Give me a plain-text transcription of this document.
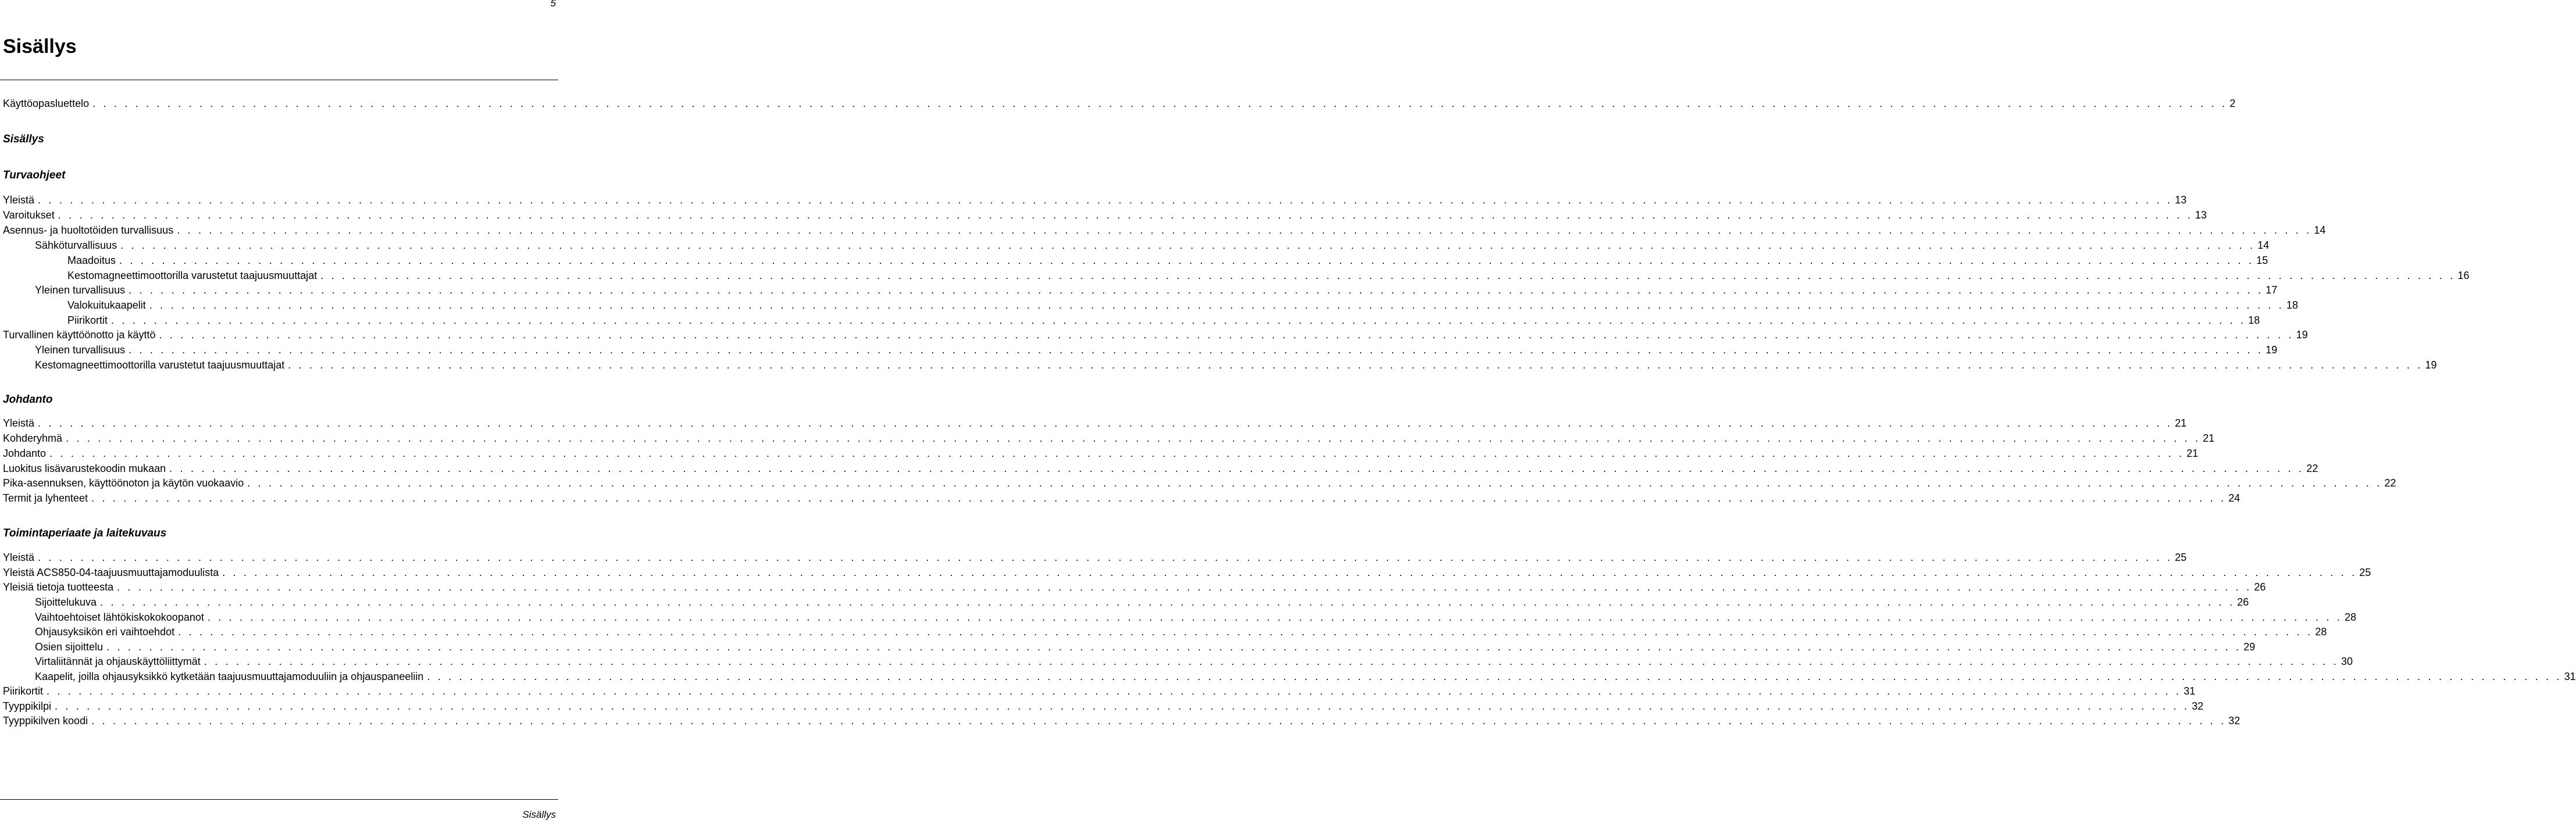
5
Sisällys
Käyttöopasluettelo . . . . . . . . . . . . . . . . . . . . . . . . . . . . . . . . . . . . . . . . . . . . . . . . . . . . . . . . . . . . . . . . . . . . . . . . . . . . . . . . . . . . . . . . . . . . . . . . . . . . . . . . . . . . . . . . . . . . . . . . . . . . . . . . . . . . . . . . . . . . . . . . . . . . . . . . . . . . . . . . . . . . . . . . . . . . . . . . . . . . . . . . . . . . . . . . . . . . . . . . 2
Sisällys
Turvaohjeet
Yleistä . . . . . . . . . . . . . . . . . . . . . . . . . . . . . . . . . . . . . . . . . . . . . . . . . . . . . . . . . . . . . . . . . . . . . . . . . . . . . . . . . . . . . . . . . . . . . . . . . . . . . . . . . . . . . . . . . . . . . . . . . . . . . . . . . . . . . . . . . . . . . . . . . . . . . . . . . . . . . . . . . . . . . . . . . . . . . . . . . . . . . . . . . . . . . . . . . . . . . . . . 13
Varoitukset . . . . . . . . . . . . . . . . . . . . . . . . . . . . . . . . . . . . . . . . . . . . . . . . . . . . . . . . . . . . . . . . . . . . . . . . . . . . . . . . . . . . . . . . . . . . . . . . . . . . . . . . . . . . . . . . . . . . . . . . . . . . . . . . . . . . . . . . . . . . . . . . . . . . . . . . . . . . . . . . . . . . . . . . . . . . . . . . . . . . . . . . . . . . . . . . . . . . . . . . 13
Asennus- ja huoltotöiden turvallisuus . . . . . . . . . . . . . . . . . . . . . . . . . . . . . . . . . . . . . . . . . . . . . . . . . . . . . . . . . . . . . . . . . . . . . . . . . . . . . . . . . . . . . . . . . . . . . . . . . . . . . . . . . . . . . . . . . . . . . . . . . . . . . . . . . . . . . . . . . . . . . . . . . . . . . . . . . . . . . . . . . . . . . . . . . . . . . . . . . . . . . . . . . . . . . . . . . . . . . . . . 14
Sähköturvallisuus . . . . . . . . . . . . . . . . . . . . . . . . . . . . . . . . . . . . . . . . . . . . . . . . . . . . . . . . . . . . . . . . . . . . . . . . . . . . . . . . . . . . . . . . . . . . . . . . . . . . . . . . . . . . . . . . . . . . . . . . . . . . . . . . . . . . . . . . . . . . . . . . . . . . . . . . . . . . . . . . . . . . . . . . . . . . . . . . . . . . . . . . . . . . . . . . . . . . . . . . 14
Maadoitus . . . . . . . . . . . . . . . . . . . . . . . . . . . . . . . . . . . . . . . . . . . . . . . . . . . . . . . . . . . . . . . . . . . . . . . . . . . . . . . . . . . . . . . . . . . . . . . . . . . . . . . . . . . . . . . . . . . . . . . . . . . . . . . . . . . . . . . . . . . . . . . . . . . . . . . . . . . . . . . . . . . . . . . . . . . . . . . . . . . . . . . . . . . . . . . . . . . . . . . . 15
Kestomagneettimoottorilla varustetut taajuusmuuttajat . . . . . . . . . . . . . . . . . . . . . . . . . . . . . . . . . . . . . . . . . . . . . . . . . . . . . . . . . . . . . . . . . . . . . . . . . . . . . . . . . . . . . . . . . . . . . . . . . . . . . . . . . . . . . . . . . . . . . . . . . . . . . . . . . . . . . . . . . . . . . . . . . . . . . . . . . . . . . . . . . . . . . . . . . . . . . . . . . . . . . . . . . . . . . . . . . . . . . . . . 16
Yleinen turvallisuus . . . . . . . . . . . . . . . . . . . . . . . . . . . . . . . . . . . . . . . . . . . . . . . . . . . . . . . . . . . . . . . . . . . . . . . . . . . . . . . . . . . . . . . . . . . . . . . . . . . . . . . . . . . . . . . . . . . . . . . . . . . . . . . . . . . . . . . . . . . . . . . . . . . . . . . . . . . . . . . . . . . . . . . . . . . . . . . . . . . . . . . . . . . . . . . . . . . . . . . . 17
Valokuitukaapelit . . . . . . . . . . . . . . . . . . . . . . . . . . . . . . . . . . . . . . . . . . . . . . . . . . . . . . . . . . . . . . . . . . . . . . . . . . . . . . . . . . . . . . . . . . . . . . . . . . . . . . . . . . . . . . . . . . . . . . . . . . . . . . . . . . . . . . . . . . . . . . . . . . . . . . . . . . . . . . . . . . . . . . . . . . . . . . . . . . . . . . . . . . . . . . . . . . . . . . . . 18
Piirikortit . . . . . . . . . . . . . . . . . . . . . . . . . . . . . . . . . . . . . . . . . . . . . . . . . . . . . . . . . . . . . . . . . . . . . . . . . . . . . . . . . . . . . . . . . . . . . . . . . . . . . . . . . . . . . . . . . . . . . . . . . . . . . . . . . . . . . . . . . . . . . . . . . . . . . . . . . . . . . . . . . . . . . . . . . . . . . . . . . . . . . . . . . . . . . . . . . . . . . . . . 18
Turvallinen käyttöönotto ja käyttö . . . . . . . . . . . . . . . . . . . . . . . . . . . . . . . . . . . . . . . . . . . . . . . . . . . . . . . . . . . . . . . . . . . . . . . . . . . . . . . . . . . . . . . . . . . . . . . . . . . . . . . . . . . . . . . . . . . . . . . . . . . . . . . . . . . . . . . . . . . . . . . . . . . . . . . . . . . . . . . . . . . . . . . . . . . . . . . . . . . . . . . . . . . . . . . . . . . . . . . . 19
Yleinen turvallisuus . . . . . . . . . . . . . . . . . . . . . . . . . . . . . . . . . . . . . . . . . . . . . . . . . . . . . . . . . . . . . . . . . . . . . . . . . . . . . . . . . . . . . . . . . . . . . . . . . . . . . . . . . . . . . . . . . . . . . . . . . . . . . . . . . . . . . . . . . . . . . . . . . . . . . . . . . . . . . . . . . . . . . . . . . . . . . . . . . . . . . . . . . . . . . . . . . . . . . . . . 19
Kestomagneettimoottorilla varustetut taajuusmuuttajat . . . . . . . . . . . . . . . . . . . . . . . . . . . . . . . . . . . . . . . . . . . . . . . . . . . . . . . . . . . . . . . . . . . . . . . . . . . . . . . . . . . . . . . . . . . . . . . . . . . . . . . . . . . . . . . . . . . . . . . . . . . . . . . . . . . . . . . . . . . . . . . . . . . . . . . . . . . . . . . . . . . . . . . . . . . . . . . . . . . . . . . . . . . . . . . . . . . . . . . . 19
Johdanto
Yleistä . . . . . . . . . . . . . . . . . . . . . . . . . . . . . . . . . . . . . . . . . . . . . . . . . . . . . . . . . . . . . . . . . . . . . . . . . . . . . . . . . . . . . . . . . . . . . . . . . . . . . . . . . . . . . . . . . . . . . . . . . . . . . . . . . . . . . . . . . . . . . . . . . . . . . . . . . . . . . . . . . . . . . . . . . . . . . . . . . . . . . . . . . . . . . . . . . . . . . . . . 21
Kohderyhmä . . . . . . . . . . . . . . . . . . . . . . . . . . . . . . . . . . . . . . . . . . . . . . . . . . . . . . . . . . . . . . . . . . . . . . . . . . . . . . . . . . . . . . . . . . . . . . . . . . . . . . . . . . . . . . . . . . . . . . . . . . . . . . . . . . . . . . . . . . . . . . . . . . . . . . . . . . . . . . . . . . . . . . . . . . . . . . . . . . . . . . . . . . . . . . . . . . . . . . . . 21
Johdanto . . . . . . . . . . . . . . . . . . . . . . . . . . . . . . . . . . . . . . . . . . . . . . . . . . . . . . . . . . . . . . . . . . . . . . . . . . . . . . . . . . . . . . . . . . . . . . . . . . . . . . . . . . . . . . . . . . . . . . . . . . . . . . . . . . . . . . . . . . . . . . . . . . . . . . . . . . . . . . . . . . . . . . . . . . . . . . . . . . . . . . . . . . . . . . . . . . . . . . . . 21
Luokitus lisävarustekoodin mukaan . . . . . . . . . . . . . . . . . . . . . . . . . . . . . . . . . . . . . . . . . . . . . . . . . . . . . . . . . . . . . . . . . . . . . . . . . . . . . . . . . . . . . . . . . . . . . . . . . . . . . . . . . . . . . . . . . . . . . . . . . . . . . . . . . . . . . . . . . . . . . . . . . . . . . . . . . . . . . . . . . . . . . . . . . . . . . . . . . . . . . . . . . . . . . . . . . . . . . . . . 22
Pika-asennuksen, käyttöönoton ja käytön vuokaavio . . . . . . . . . . . . . . . . . . . . . . . . . . . . . . . . . . . . . . . . . . . . . . . . . . . . . . . . . . . . . . . . . . . . . . . . . . . . . . . . . . . . . . . . . . . . . . . . . . . . . . . . . . . . . . . . . . . . . . . . . . . . . . . . . . . . . . . . . . . . . . . . . . . . . . . . . . . . . . . . . . . . . . . . . . . . . . . . . . . . . . . . . . . . . . . . . . . . . . . . 22
Termit ja lyhenteet . . . . . . . . . . . . . . . . . . . . . . . . . . . . . . . . . . . . . . . . . . . . . . . . . . . . . . . . . . . . . . . . . . . . . . . . . . . . . . . . . . . . . . . . . . . . . . . . . . . . . . . . . . . . . . . . . . . . . . . . . . . . . . . . . . . . . . . . . . . . . . . . . . . . . . . . . . . . . . . . . . . . . . . . . . . . . . . . . . . . . . . . . . . . . . . . . . . . . . . . 24
Toimintaperiaate ja laitekuvaus
Yleistä . . . . . . . . . . . . . . . . . . . . . . . . . . . . . . . . . . . . . . . . . . . . . . . . . . . . . . . . . . . . . . . . . . . . . . . . . . . . . . . . . . . . . . . . . . . . . . . . . . . . . . . . . . . . . . . . . . . . . . . . . . . . . . . . . . . . . . . . . . . . . . . . . . . . . . . . . . . . . . . . . . . . . . . . . . . . . . . . . . . . . . . . . . . . . . . . . . . . . . . . 25
Yleistä ACS850-04-taajuusmuuttajamoduulista . . . . . . . . . . . . . . . . . . . . . . . . . . . . . . . . . . . . . . . . . . . . . . . . . . . . . . . . . . . . . . . . . . . . . . . . . . . . . . . . . . . . . . . . . . . . . . . . . . . . . . . . . . . . . . . . . . . . . . . . . . . . . . . . . . . . . . . . . . . . . . . . . . . . . . . . . . . . . . . . . . . . . . . . . . . . . . . . . . . . . . . . . . . . . . . . . . . . . . . . 25
Yleisiä tietoja tuotteesta . . . . . . . . . . . . . . . . . . . . . . . . . . . . . . . . . . . . . . . . . . . . . . . . . . . . . . . . . . . . . . . . . . . . . . . . . . . . . . . . . . . . . . . . . . . . . . . . . . . . . . . . . . . . . . . . . . . . . . . . . . . . . . . . . . . . . . . . . . . . . . . . . . . . . . . . . . . . . . . . . . . . . . . . . . . . . . . . . . . . . . . . . . . . . . . . . . . . . . . . 26
Sijoittelukuva . . . . . . . . . . . . . . . . . . . . . . . . . . . . . . . . . . . . . . . . . . . . . . . . . . . . . . . . . . . . . . . . . . . . . . . . . . . . . . . . . . . . . . . . . . . . . . . . . . . . . . . . . . . . . . . . . . . . . . . . . . . . . . . . . . . . . . . . . . . . . . . . . . . . . . . . . . . . . . . . . . . . . . . . . . . . . . . . . . . . . . . . . . . . . . . . . . . . . . . . 26
Vaihtoehtoiset lähtökiskokokoopanot . . . . . . . . . . . . . . . . . . . . . . . . . . . . . . . . . . . . . . . . . . . . . . . . . . . . . . . . . . . . . . . . . . . . . . . . . . . . . . . . . . . . . . . . . . . . . . . . . . . . . . . . . . . . . . . . . . . . . . . . . . . . . . . . . . . . . . . . . . . . . . . . . . . . . . . . . . . . . . . . . . . . . . . . . . . . . . . . . . . . . . . . . . . . . . . . . . . . . . . . 28
Ohjausyksikön eri vaihtoehdot . . . . . . . . . . . . . . . . . . . . . . . . . . . . . . . . . . . . . . . . . . . . . . . . . . . . . . . . . . . . . . . . . . . . . . . . . . . . . . . . . . . . . . . . . . . . . . . . . . . . . . . . . . . . . . . . . . . . . . . . . . . . . . . . . . . . . . . . . . . . . . . . . . . . . . . . . . . . . . . . . . . . . . . . . . . . . . . . . . . . . . . . . . . . . . . . . . . . . . . . 28
Osien sijoittelu . . . . . . . . . . . . . . . . . . . . . . . . . . . . . . . . . . . . . . . . . . . . . . . . . . . . . . . . . . . . . . . . . . . . . . . . . . . . . . . . . . . . . . . . . . . . . . . . . . . . . . . . . . . . . . . . . . . . . . . . . . . . . . . . . . . . . . . . . . . . . . . . . . . . . . . . . . . . . . . . . . . . . . . . . . . . . . . . . . . . . . . . . . . . . . . . . . . . . . . . 29
Virtaliitännät ja ohjauskäyttöliittymät . . . . . . . . . . . . . . . . . . . . . . . . . . . . . . . . . . . . . . . . . . . . . . . . . . . . . . . . . . . . . . . . . . . . . . . . . . . . . . . . . . . . . . . . . . . . . . . . . . . . . . . . . . . . . . . . . . . . . . . . . . . . . . . . . . . . . . . . . . . . . . . . . . . . . . . . . . . . . . . . . . . . . . . . . . . . . . . . . . . . . . . . . . . . . . . . . . . . . . . . 30
Kaapelit, joilla ohjausyksikkö kytketään taajuusmuuttajamoduuliin ja ohjauspaneeliin . . . . . . . . . . . . . . . . . . . . . . . . . . . . . . . . . . . . . . . . . . . . . . . . . . . . . . . . . . . . . . . . . . . . . . . . . . . . . . . . . . . . . . . . . . . . . . . . . . . . . . . . . . . . . . . . . . . . . . . . . . . . . . . . . . . . . . . . . . . . . . . . . . . . . . . . . . . . . . . . . . . . . . . . . . . . . . . . . . . . . . . . . . . . . . . . . . . . . . . . 31
Piirikortit . . . . . . . . . . . . . . . . . . . . . . . . . . . . . . . . . . . . . . . . . . . . . . . . . . . . . . . . . . . . . . . . . . . . . . . . . . . . . . . . . . . . . . . . . . . . . . . . . . . . . . . . . . . . . . . . . . . . . . . . . . . . . . . . . . . . . . . . . . . . . . . . . . . . . . . . . . . . . . . . . . . . . . . . . . . . . . . . . . . . . . . . . . . . . . . . . . . . . . . . 31
Tyyppikilpi . . . . . . . . . . . . . . . . . . . . . . . . . . . . . . . . . . . . . . . . . . . . . . . . . . . . . . . . . . . . . . . . . . . . . . . . . . . . . . . . . . . . . . . . . . . . . . . . . . . . . . . . . . . . . . . . . . . . . . . . . . . . . . . . . . . . . . . . . . . . . . . . . . . . . . . . . . . . . . . . . . . . . . . . . . . . . . . . . . . . . . . . . . . . . . . . . . . . . . . . 32
Tyyppikilven koodi . . . . . . . . . . . . . . . . . . . . . . . . . . . . . . . . . . . . . . . . . . . . . . . . . . . . . . . . . . . . . . . . . . . . . . . . . . . . . . . . . . . . . . . . . . . . . . . . . . . . . . . . . . . . . . . . . . . . . . . . . . . . . . . . . . . . . . . . . . . . . . . . . . . . . . . . . . . . . . . . . . . . . . . . . . . . . . . . . . . . . . . . . . . . . . . . . . . . . . . . 32
Sisällys
